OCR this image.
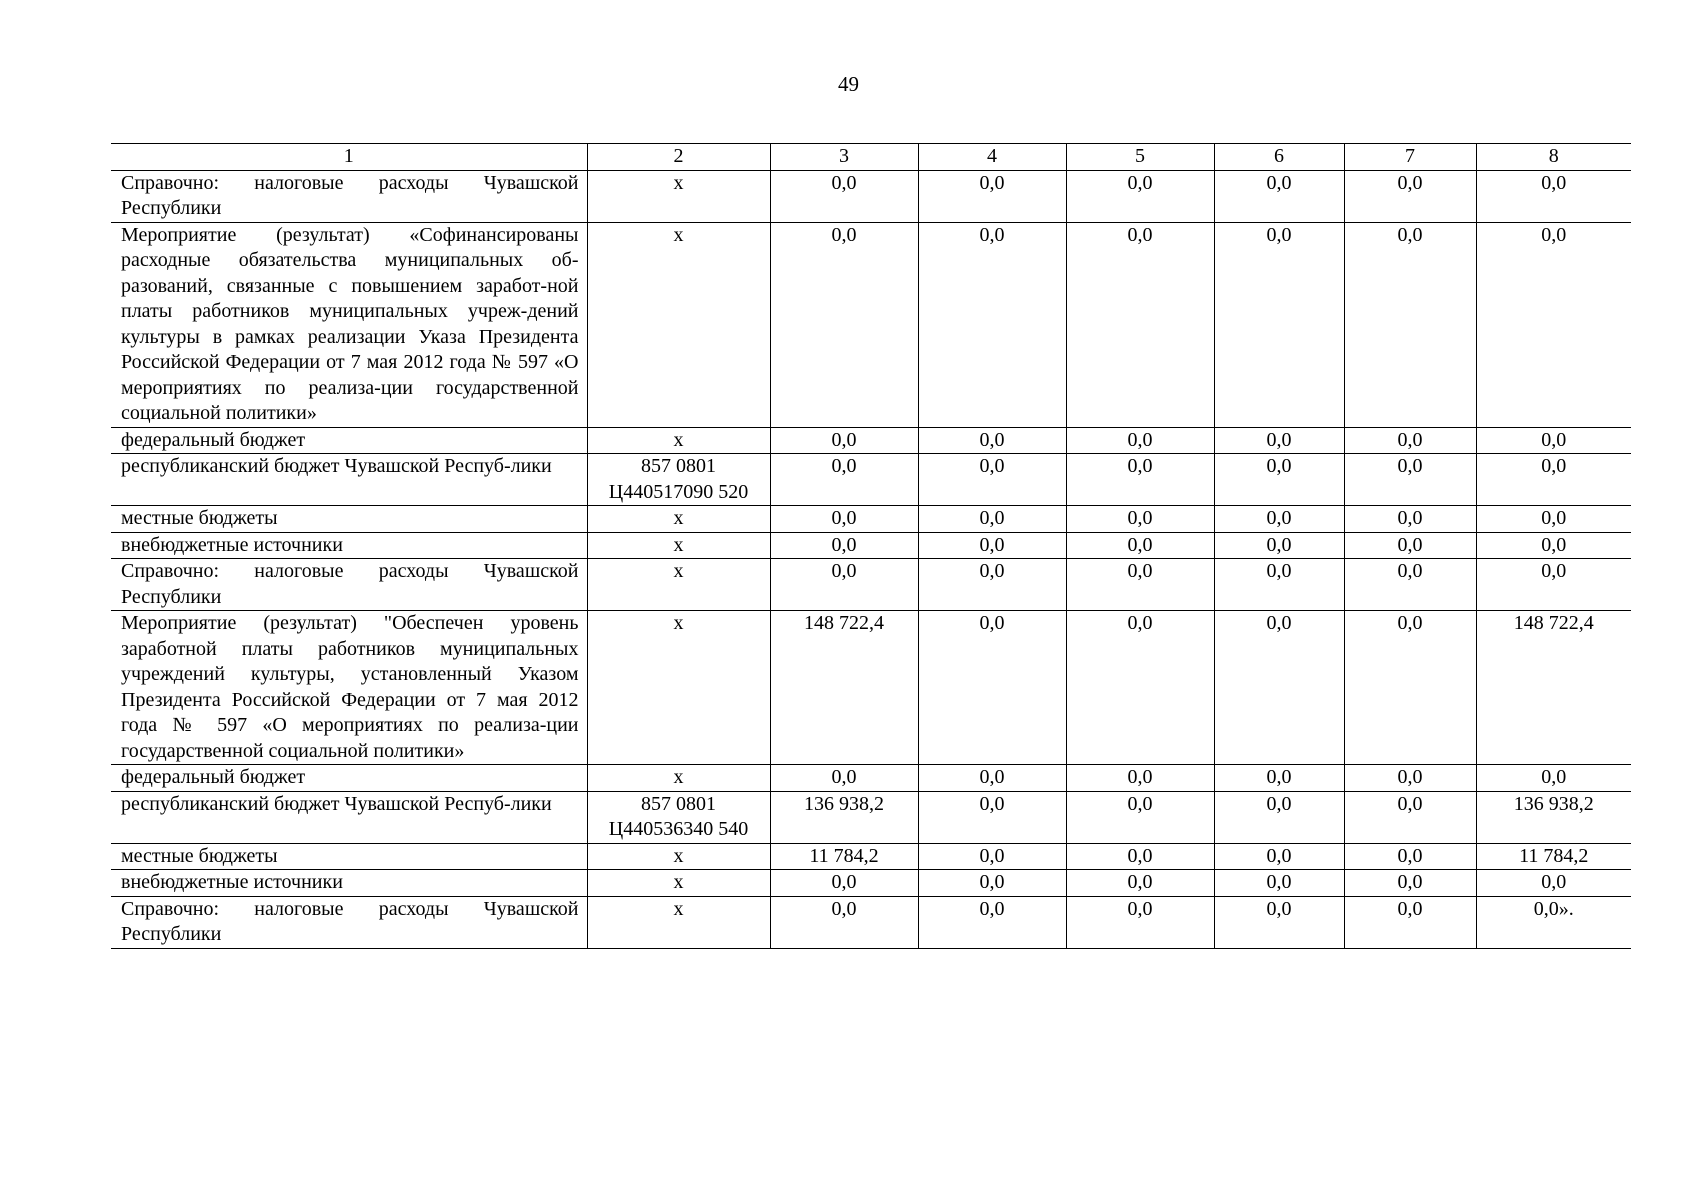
49
1	2	3	4	5	6	7	8
Справочно: налоговые расходы Чувашской Республики	x	0,0	0,0	0,0	0,0	0,0	0,0
Мероприятие (результат) «Софинансированы расходные обязательства муниципальных об-разований, связанные с повышением заработ-ной платы работников муниципальных учреж-дений культуры в рамках реализации Указа Президента Российской Федерации от 7 мая 2012 года № 597 «О мероприятиях по реализа-ции государственной социальной политики»	x	0,0	0,0	0,0	0,0	0,0	0,0
федеральный бюджет	x	0,0	0,0	0,0	0,0	0,0	0,0
республиканский бюджет Чувашской Респуб-лики	857 0801 Ц440517090 520	0,0	0,0	0,0	0,0	0,0	0,0
местные бюджеты	x	0,0	0,0	0,0	0,0	0,0	0,0
внебюджетные источники	x	0,0	0,0	0,0	0,0	0,0	0,0
Справочно: налоговые расходы Чувашской Республики	x	0,0	0,0	0,0	0,0	0,0	0,0
Мероприятие (результат) "Обеспечен уровень заработной платы работников муниципальных учреждений культуры, установленный Указом Президента Российской Федерации от 7 мая 2012 года № 597 «О мероприятиях по реализа-ции государственной социальной политики»	x	148 722,4	0,0	0,0	0,0	0,0	148 722,4
федеральный бюджет	x	0,0	0,0	0,0	0,0	0,0	0,0
республиканский бюджет Чувашской Респуб-лики	857 0801 Ц440536340 540	136 938,2	0,0	0,0	0,0	0,0	136 938,2
местные бюджеты	x	11 784,2	0,0	0,0	0,0	0,0	11 784,2
внебюджетные источники	x	0,0	0,0	0,0	0,0	0,0	0,0
Справочно: налоговые расходы Чувашской Республики	x	0,0	0,0	0,0	0,0	0,0	0,0».
